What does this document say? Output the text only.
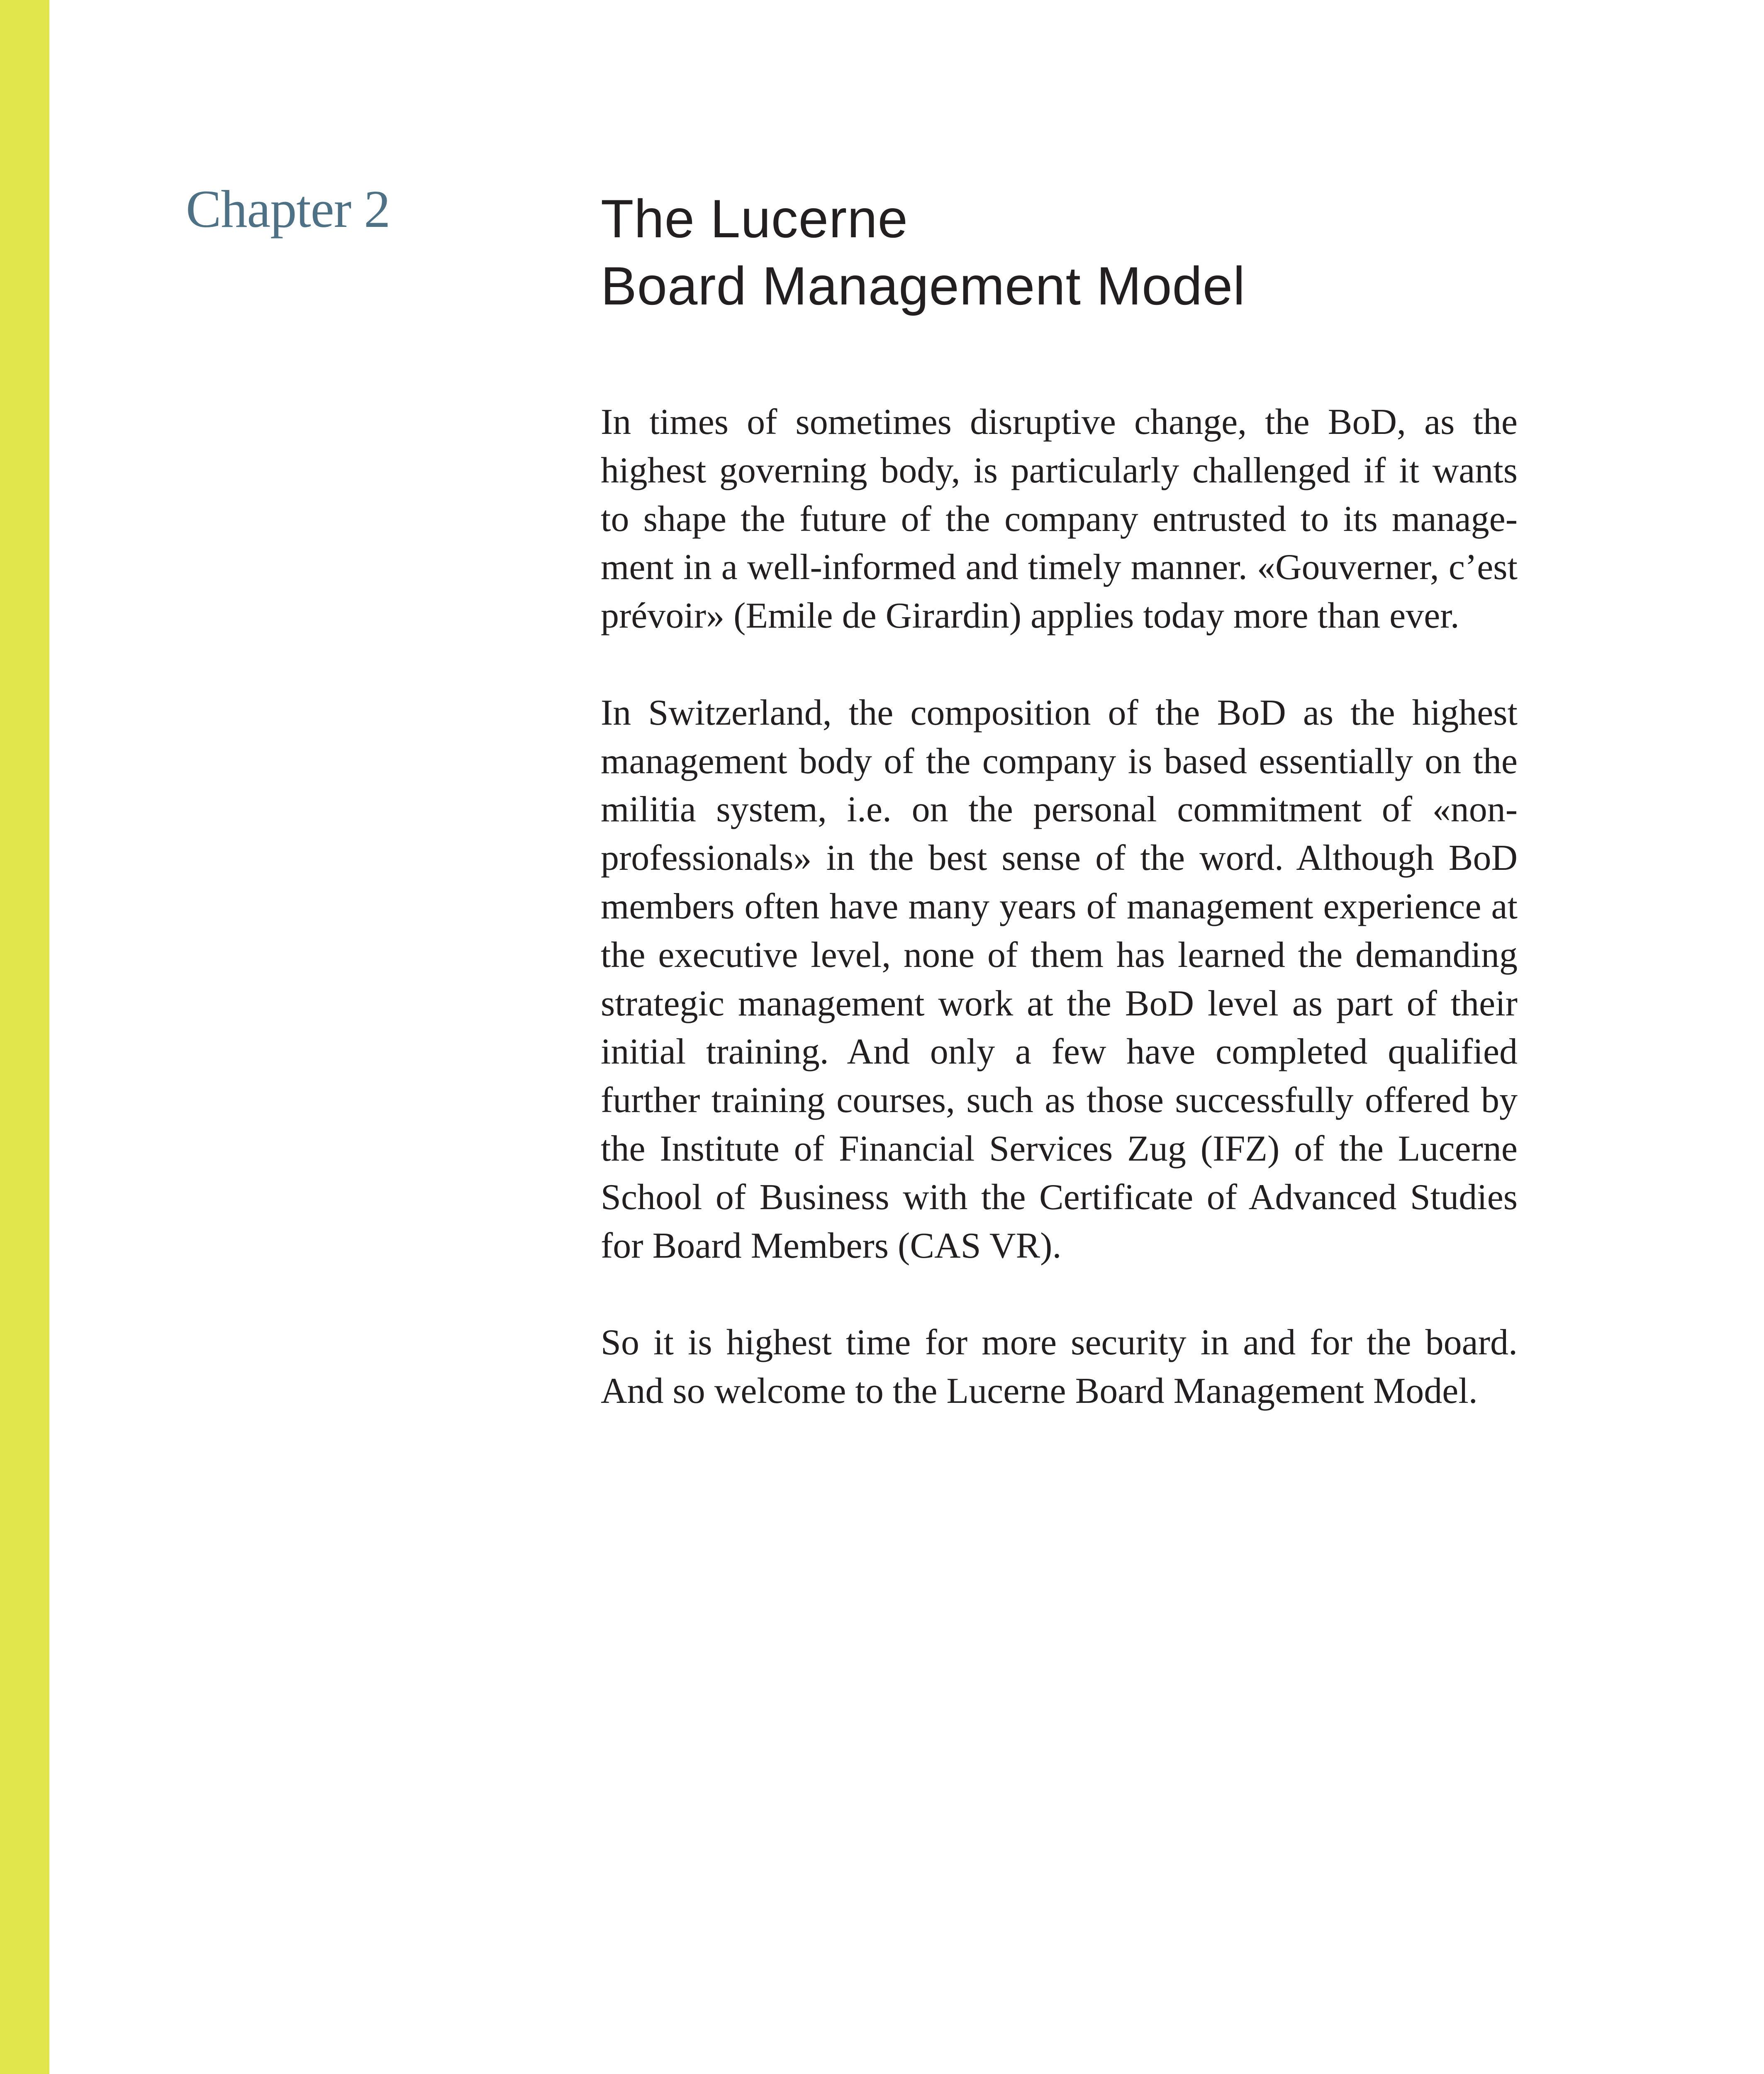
Chapter 2	The Lucerne
Board Management Model

In times of sometimes disruptive change, the BoD, as the highest governing body, is particularly challenged if it wants to shape the future of the company entrusted to its management in a well-informed and timely manner. «Gouverner, c’est prévoir» (Emile de Girardin) applies today more than ever.

In Switzerland, the composition of the BoD as the highest management body of the company is based essentially on the militia system, i.e. on the personal commitment of «non-professionals» in the best sense of the word. Although BoD members often have many years of management experience at the executive level, none of them has learned the demanding strategic management work at the BoD level as part of their initial training. And only a few have completed qualified further training courses, such as those successfully offered by the Institute of Financial Services Zug (IFZ) of the Lucerne School of Business with the Certificate of Advanced Studies for Board Members (CAS VR).

So it is highest time for more security in and for the board. And so welcome to the Lucerne Board Management Model.
